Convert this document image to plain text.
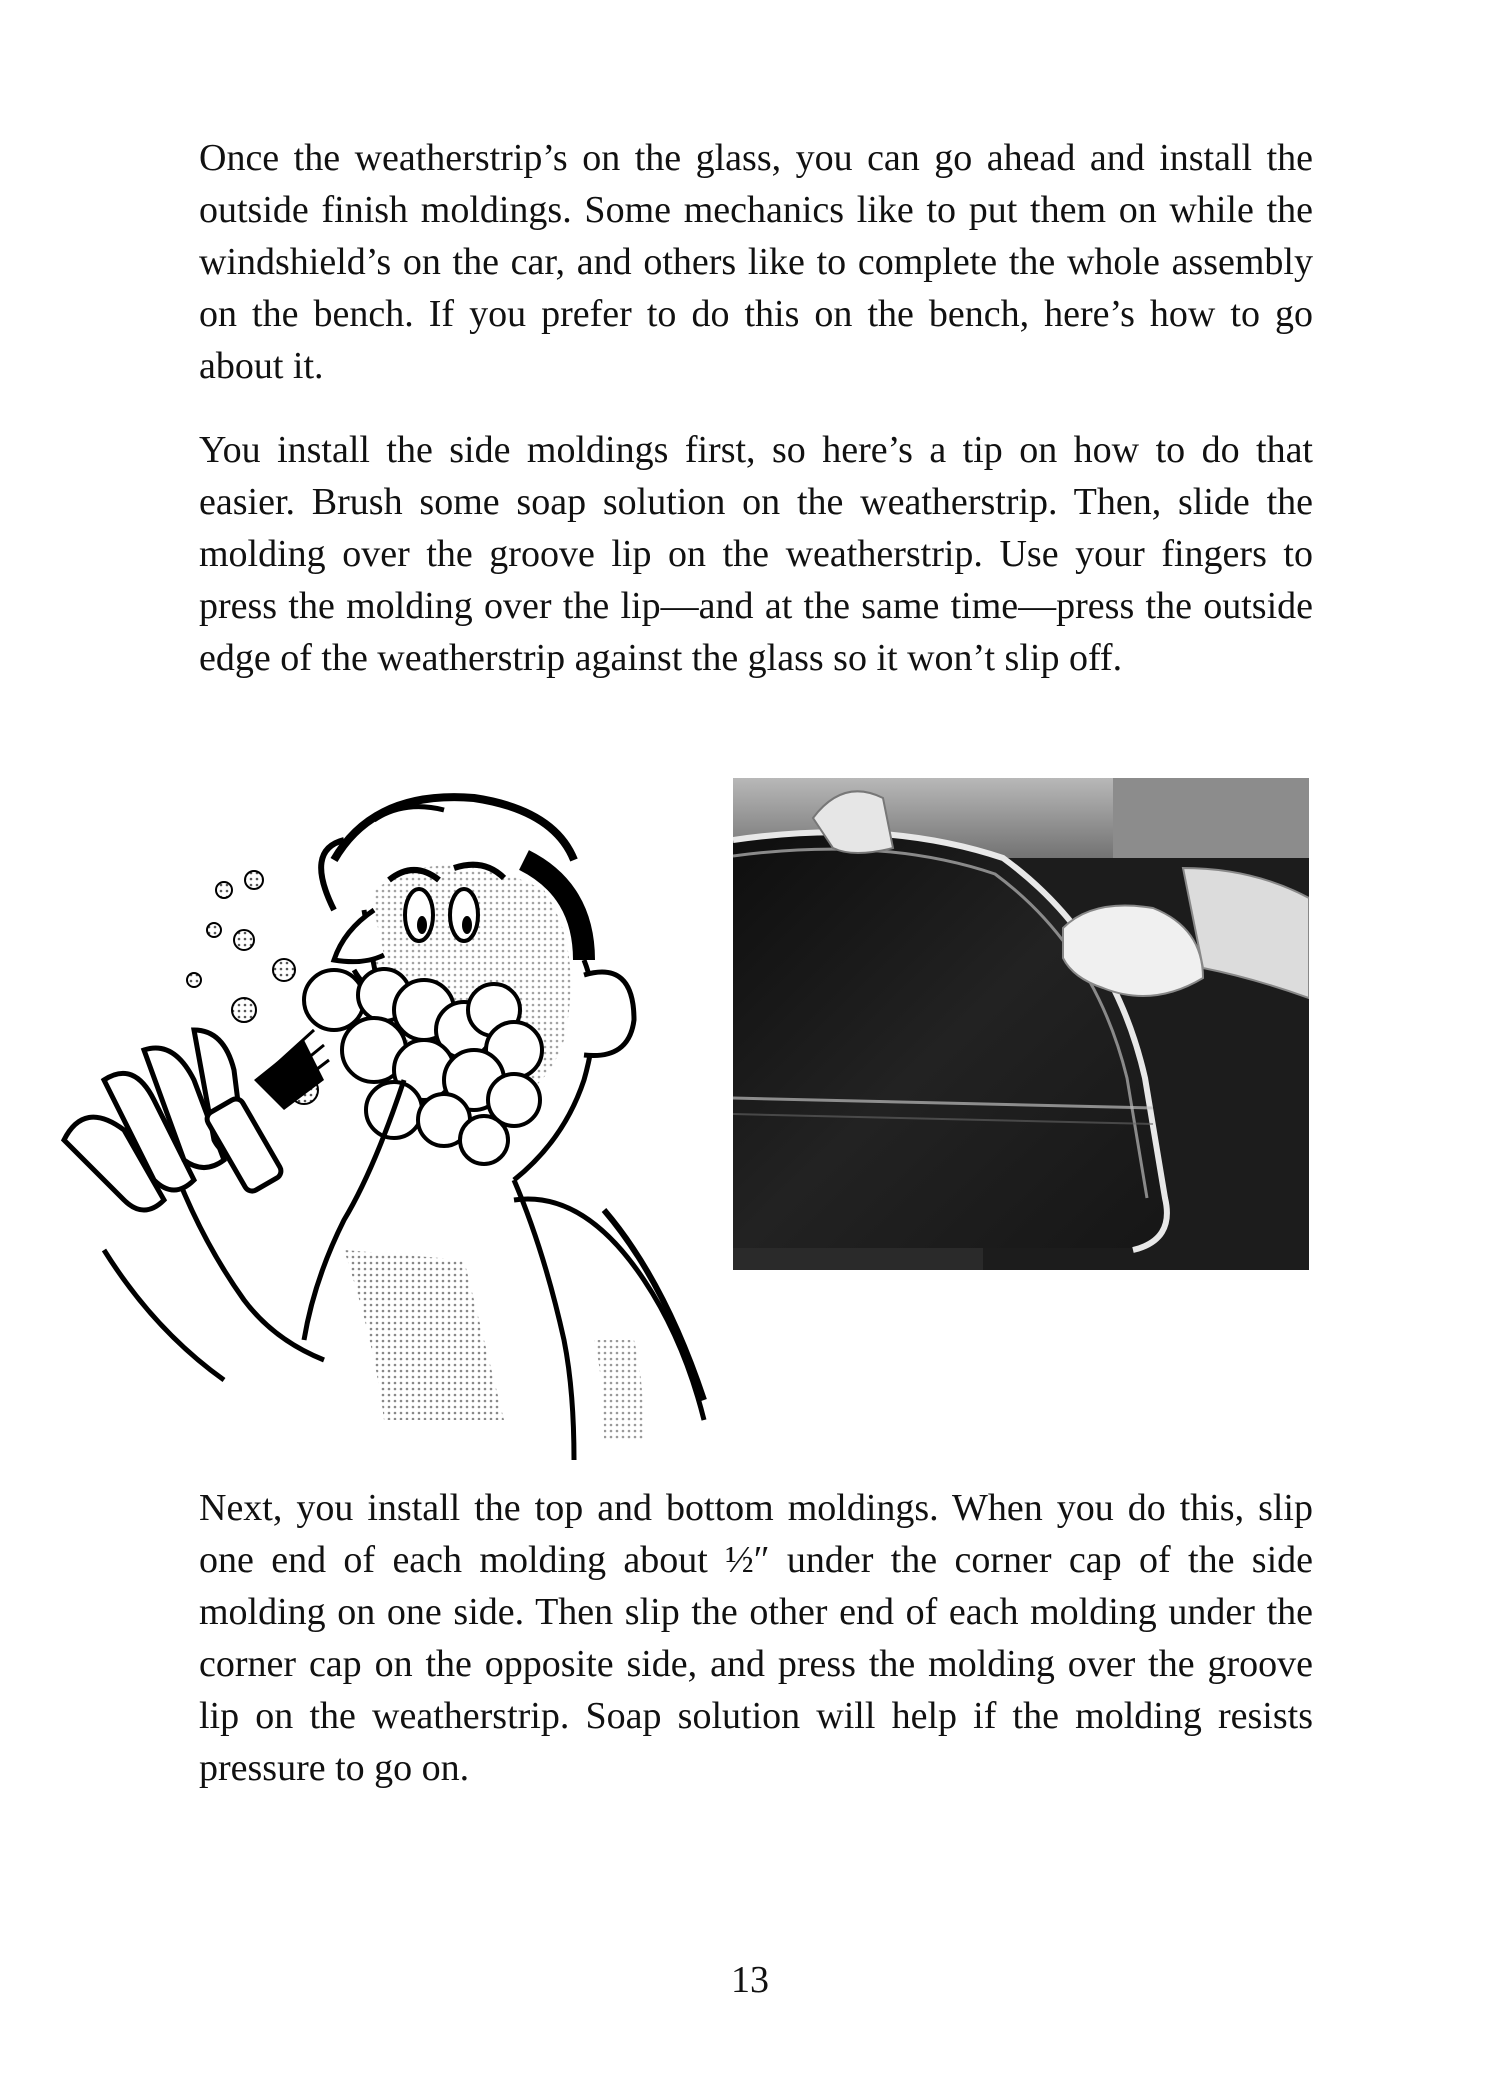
Once the weatherstrip’s on the glass, you can go ahead and install the outside finish moldings. Some mechanics like to put them on while the windshield’s on the car, and others like to complete the whole assembly on the bench. If you prefer to do this on the bench, here’s how to go about it.

You install the side moldings first, so here’s a tip on how to do that easier. Brush some soap solution on the weatherstrip. Then, slide the molding over the groove lip on the weatherstrip. Use your fingers to press the molding over the lip—and at the same time—press the outside edge of the weatherstrip against the glass so it won’t slip off.

Next, you install the top and bottom moldings. When you do this, slip one end of each molding about ½″ under the corner cap of the side molding on one side. Then slip the other end of each molding under the corner cap on the opposite side, and press the molding over the groove lip on the weatherstrip. Soap solution will help if the molding resists pressure to go on.

13
